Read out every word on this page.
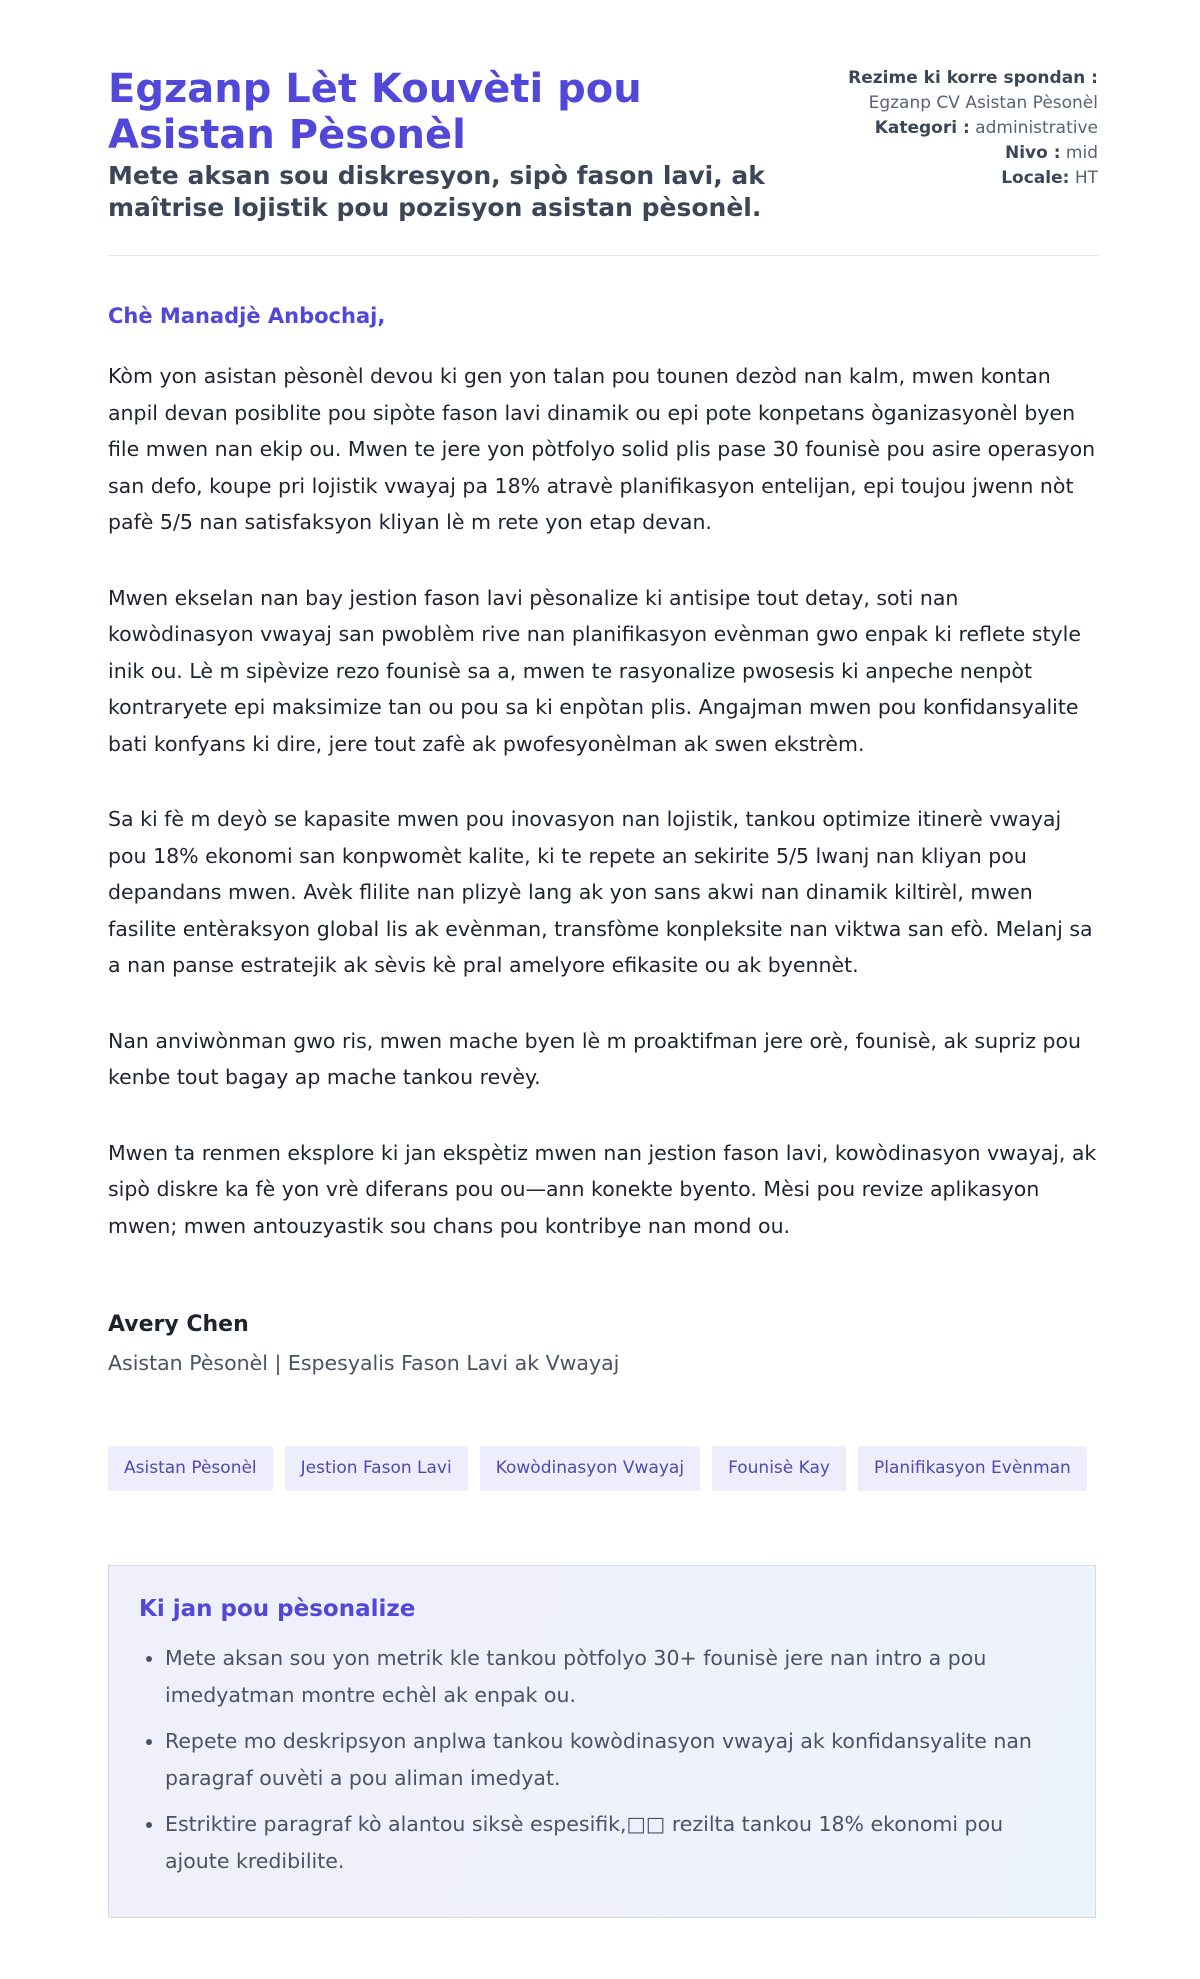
Egzanp Lèt Kouvèti pou Asistan Pèsonèl

Mete aksan sou diskresyon, sipò fason lavi, ak maîtrise lojistik pou pozisyon asistan pèsonèl.

Rezime ki korre spondan :
Egzanp CV Asistan Pèsonèl
Kategori : administrative
Nivo : mid
Locale: HT

Chè Manadjè Anbochaj,

Kòm yon asistan pèsonèl devou ki gen yon talan pou tounen dezòd nan kalm, mwen kontan anpil devan posiblite pou sipòte fason lavi dinamik ou epi pote konpetans òganizasyonèl byen file mwen nan ekip ou. Mwen te jere yon pòtfolyo solid plis pase 30 founisè pou asire operasyon san defo, koupe pri lojistik vwayaj pa 18% atravè planifikasyon entelijan, epi toujou jwenn nòt pafè 5/5 nan satisfaksyon kliyan lè m rete yon etap devan.

Mwen ekselan nan bay jestion fason lavi pèsonalize ki antisipe tout detay, soti nan kowòdinasyon vwayaj san pwoblèm rive nan planifikasyon evènman gwo enpak ki reflete style inik ou. Lè m sipèvize rezo founisè sa a, mwen te rasyonalize pwosesis ki anpeche nenpòt kontraryete epi maksimize tan ou pou sa ki enpòtan plis. Angajman mwen pou konfidansyalite bati konfyans ki dire, jere tout zafè ak pwofesyonèlman ak swen ekstrèm.

Sa ki fè m deyò se kapasite mwen pou inovasyon nan lojistik, tankou optimize itinerè vwayaj pou 18% ekonomi san konpwomèt kalite, ki te repete an sekirite 5/5 lwanj nan kliyan pou depandans mwen. Avèk flilite nan plizyè lang ak yon sans akwi nan dinamik kiltirèl, mwen fasilite entèraksyon global lis ak evènman, transfòme konpleksite nan viktwa san efò. Melanj sa a nan panse estratejik ak sèvis kè pral amelyore efikasite ou ak byennèt.

Nan anviwònman gwo ris, mwen mache byen lè m proaktifman jere orè, founisè, ak supriz pou kenbe tout bagay ap mache tankou revèy.

Mwen ta renmen eksplore ki jan ekspètiz mwen nan jestion fason lavi, kowòdinasyon vwayaj, ak sipò diskre ka fè yon vrè diferans pou ou—ann konekte byento. Mèsi pou revize aplikasyon mwen; mwen antouzyastik sou chans pou kontribye nan mond ou.

Avery Chen

Asistan Pèsonèl | Espesyalis Fason Lavi ak Vwayaj

Asistan Pèsonèl	Jestion Fason Lavi	Kowòdinasyon Vwayaj	Founisè Kay	Planifikasyon Evènman
Ki jan pou pèsonalize
• Mete aksan sou yon metrik kle tankou pòtfolyo 30+ founisè jere nan intro a pou imedyatman montre echèl ak enpak ou.
• Repete mo deskripsyon anplwa tankou kowòdinasyon vwayaj ak konfidansyalite nan paragraf ouvèti a pou aliman imedyat.
• Estriktire paragraf kò alantou siksè espesifik,□□ rezilta tankou 18% ekonomi pou ajoute kredibilite.
